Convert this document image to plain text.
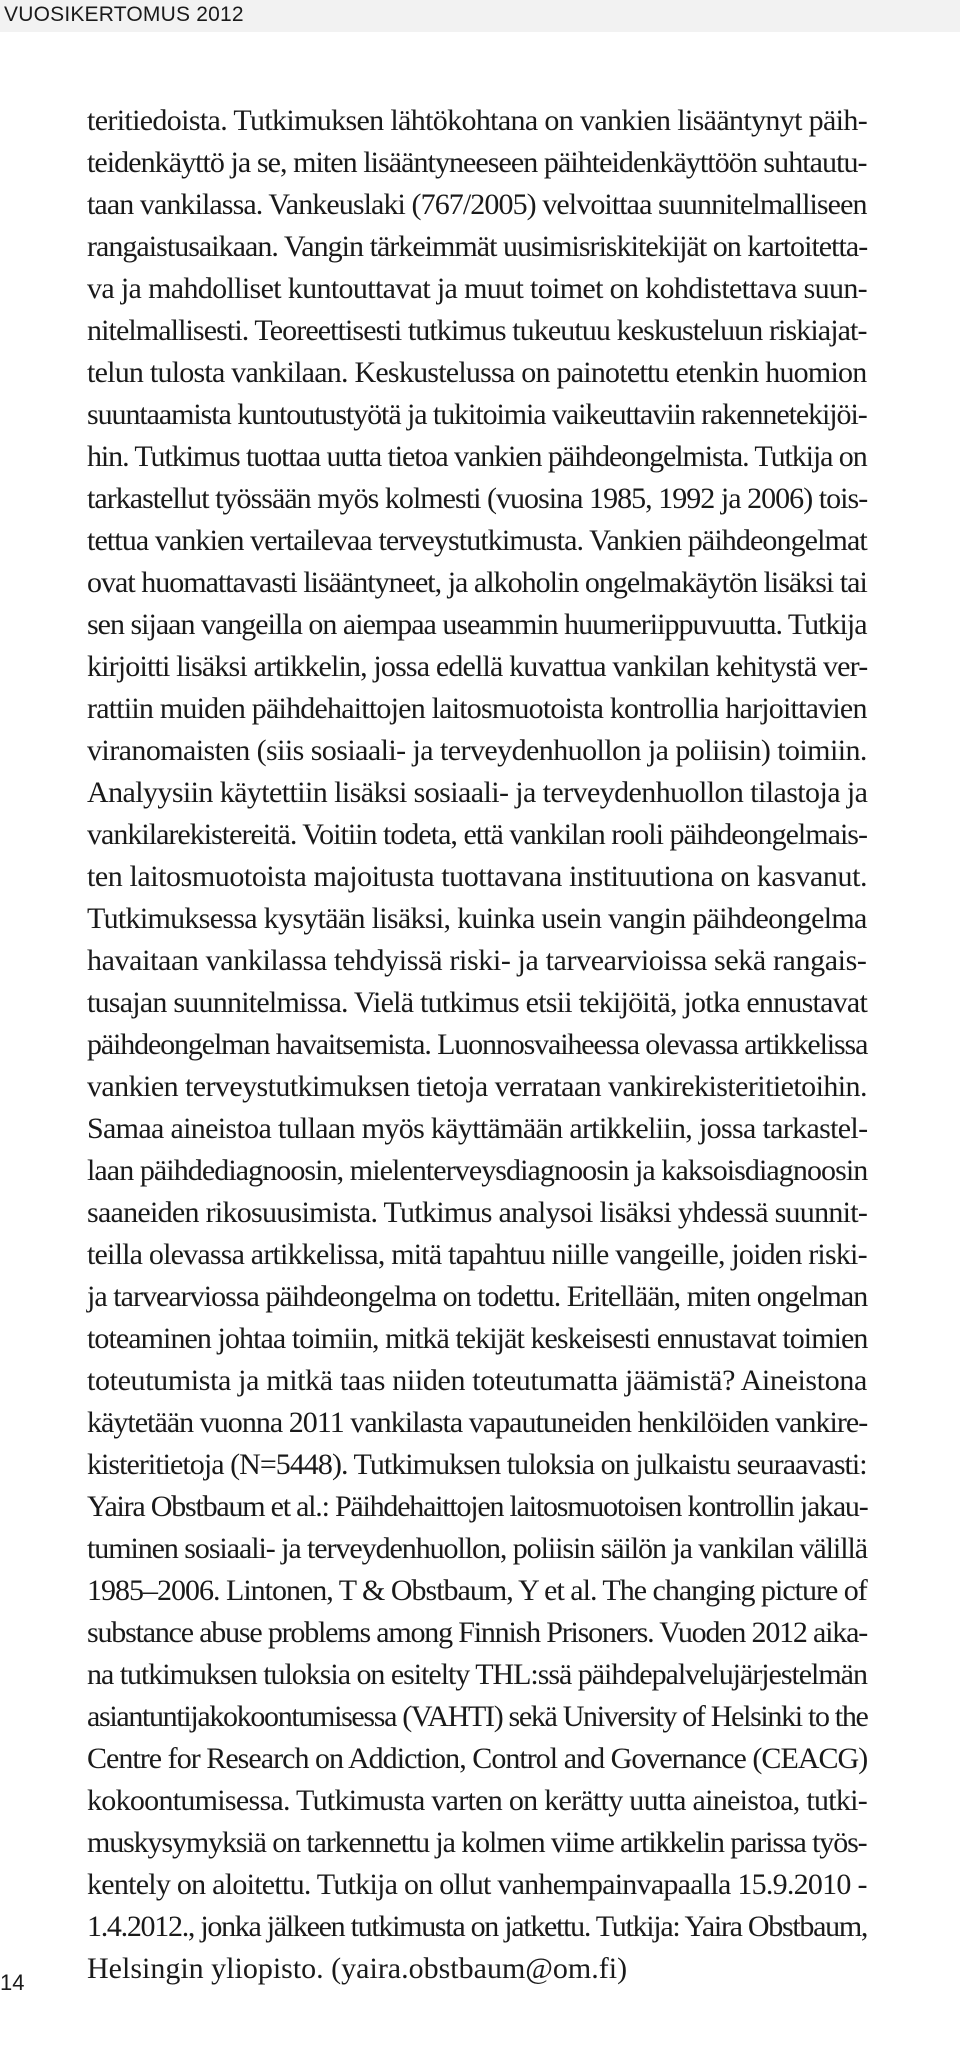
VUOSIKERTOMUS 2012
teritiedoista. Tutkimuksen lähtökohtana on vankien lisääntynyt päih-
teidenkäyttö ja se, miten lisääntyneeseen päihteidenkäyttöön suhtautu-
taan vankilassa. Vankeuslaki (767/2005) velvoittaa suunnitelmalliseen
rangaistusaikaan. Vangin tärkeimmät uusimisriskitekijät on kartoitetta-
va ja mahdolliset kuntouttavat ja muut toimet on kohdistettava suun-
nitelmallisesti. Teoreettisesti tutkimus tukeutuu keskusteluun riskiajat-
telun tulosta vankilaan. Keskustelussa on painotettu etenkin huomion
suuntaamista kuntoutustyötä ja tukitoimia vaikeuttaviin rakennetekijöi-
hin. Tutkimus tuottaa uutta tietoa vankien päihdeongelmista. Tutkija on
tarkastellut työssään myös kolmesti (vuosina 1985, 1992 ja 2006) tois-
tettua vankien vertailevaa terveystutkimusta. Vankien päihdeongelmat
ovat huomattavasti lisääntyneet, ja alkoholin ongelmakäytön lisäksi tai
sen sijaan vangeilla on aiempaa useammin huumeriippuvuutta. Tutkija
kirjoitti lisäksi artikkelin, jossa edellä kuvattua vankilan kehitystä ver-
rattiin muiden päihdehaittojen laitosmuotoista kontrollia harjoittavien
viranomaisten (siis sosiaali- ja terveydenhuollon ja poliisin) toimiin.
Analyysiin käytettiin lisäksi sosiaali- ja terveydenhuollon tilastoja ja
vankilarekistereitä. Voitiin todeta, että vankilan rooli päihdeongelmais-
ten laitosmuotoista majoitusta tuottavana instituutiona on kasvanut.
Tutkimuksessa kysytään lisäksi, kuinka usein vangin päihdeongelma
havaitaan vankilassa tehdyissä riski- ja tarvearvioissa sekä rangais-
tusajan suunnitelmissa. Vielä tutkimus etsii tekijöitä, jotka ennustavat
päihdeongelman havaitsemista. Luonnosvaiheessa olevassa artikkelissa
vankien terveystutkimuksen tietoja verrataan vankirekisteritietoihin.
Samaa aineistoa tullaan myös käyttämään artikkeliin, jossa tarkastel-
laan päihdediagnoosin, mielenterveysdiagnoosin ja kaksoisdiagnoosin
saaneiden rikosuusimista. Tutkimus analysoi lisäksi yhdessä suunnit-
teilla olevassa artikkelissa, mitä tapahtuu niille vangeille, joiden riski-
ja tarvearviossa päihdeongelma on todettu. Eritellään, miten ongelman
toteaminen johtaa toimiin, mitkä tekijät keskeisesti ennustavat toimien
toteutumista ja mitkä taas niiden toteutumatta jäämistä? Aineistona
käytetään vuonna 2011 vankilasta vapautuneiden henkilöiden vankire-
kisteritietoja (N=5448). Tutkimuksen tuloksia on julkaistu seuraavasti:
Yaira Obstbaum et al.: Päihdehaittojen laitosmuotoisen kontrollin jakau-
tuminen sosiaali- ja terveydenhuollon, poliisin säilön ja vankilan välillä
1985–2006. Lintonen, T & Obstbaum, Y et al. The changing picture of
substance abuse problems among Finnish Prisoners. Vuoden 2012 aika-
na tutkimuksen tuloksia on esitelty THL:ssä päihdepalvelujärjestelmän
asiantuntijakokoontumisessa (VAHTI) sekä University of Helsinki to the
Centre for Research on Addiction, Control and Governance (CEACG)
kokoontumisessa. Tutkimusta varten on kerätty uutta aineistoa, tutki-
muskysymyksiä on tarkennettu ja kolmen viime artikkelin parissa työs-
kentely on aloitettu. Tutkija on ollut vanhempainvapaalla 15.9.2010 -
1.4.2012., jonka jälkeen tutkimusta on jatkettu. Tutkija: Yaira Obstbaum,
Helsingin yliopisto. (yaira.obstbaum@om.fi)
14
